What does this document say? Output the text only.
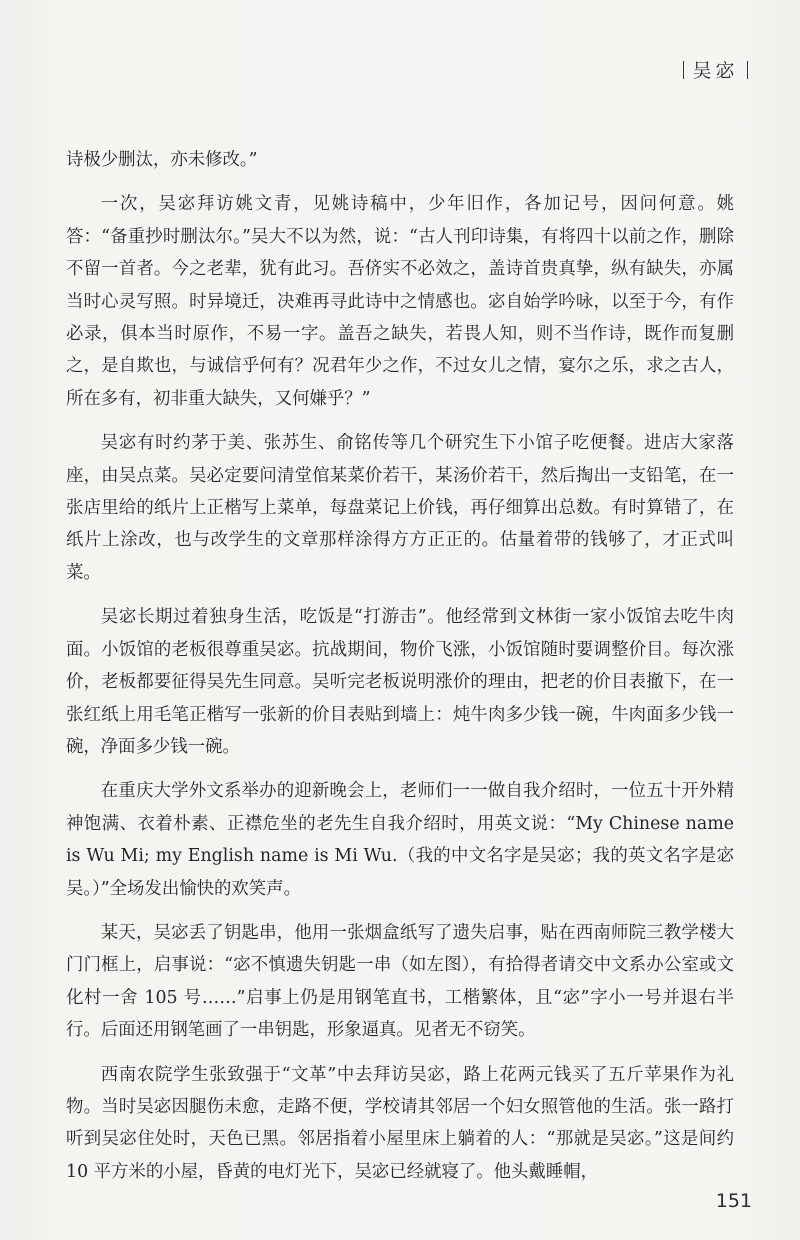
吴宓

诗极少删汰，亦未修改。”

一次，吴宓拜访姚文青，见姚诗稿中，少年旧作，各加记号，因问何意。姚答：“备重抄时删汰尔。”吴大不以为然，说：“古人刊印诗集，有将四十以前之作，删除不留一首者。今之老辈，犹有此习。吾侪实不必效之，盖诗首贵真挚，纵有缺失，亦属当时心灵写照。时异境迁，决难再寻此诗中之情感也。宓自始学吟咏，以至于今，有作必录，俱本当时原作，不易一字。盖吾之缺失，若畏人知，则不当作诗，既作而复删之，是自欺也，与诚信乎何有？况君年少之作，不过女儿之情，宴尔之乐，求之古人，所在多有，初非重大缺失，又何嫌乎？”

吴宓有时约茅于美、张苏生、俞铭传等几个研究生下小馆子吃便餐。进店大家落座，由吴点菜。吴必定要问清堂倌某菜价若干，某汤价若干，然后掏出一支铅笔，在一张店里给的纸片上正楷写上菜单，每盘菜记上价钱，再仔细算出总数。有时算错了，在纸片上涂改，也与改学生的文章那样涂得方方正正的。估量着带的钱够了，才正式叫菜。

吴宓长期过着独身生活，吃饭是“打游击”。他经常到文林街一家小饭馆去吃牛肉面。小饭馆的老板很尊重吴宓。抗战期间，物价飞涨，小饭馆随时要调整价目。每次涨价，老板都要征得吴先生同意。吴听完老板说明涨价的理由，把老的价目表撤下，在一张红纸上用毛笔正楷写一张新的价目表贴到墙上：炖牛肉多少钱一碗，牛肉面多少钱一碗，净面多少钱一碗。

在重庆大学外文系举办的迎新晚会上，老师们一一做自我介绍时，一位五十开外精神饱满、衣着朴素、正襟危坐的老先生自我介绍时，用英文说：“My Chinese name is Wu Mi; my English name is Mi Wu.（我的中文名字是吴宓；我的英文名字是宓吴。）”全场发出愉快的欢笑声。

某天，吴宓丢了钥匙串，他用一张烟盒纸写了遗失启事，贴在西南师院三教学楼大门门框上，启事说：“宓不慎遗失钥匙一串（如左图），有拾得者请交中文系办公室或文化村一舍 105 号……”启事上仍是用钢笔直书，工楷繁体，且“宓”字小一号并退右半行。后面还用钢笔画了一串钥匙，形象逼真。见者无不窃笑。

西南农院学生张致强于“文革”中去拜访吴宓，路上花两元钱买了五斤苹果作为礼物。当时吴宓因腿伤未愈，走路不便，学校请其邻居一个妇女照管他的生活。张一路打听到吴宓住处时，天色已黑。邻居指着小屋里床上躺着的人：“那就是吴宓。”这是间约 10 平方米的小屋，昏黄的电灯光下，吴宓已经就寝了。他头戴睡帽，

151
